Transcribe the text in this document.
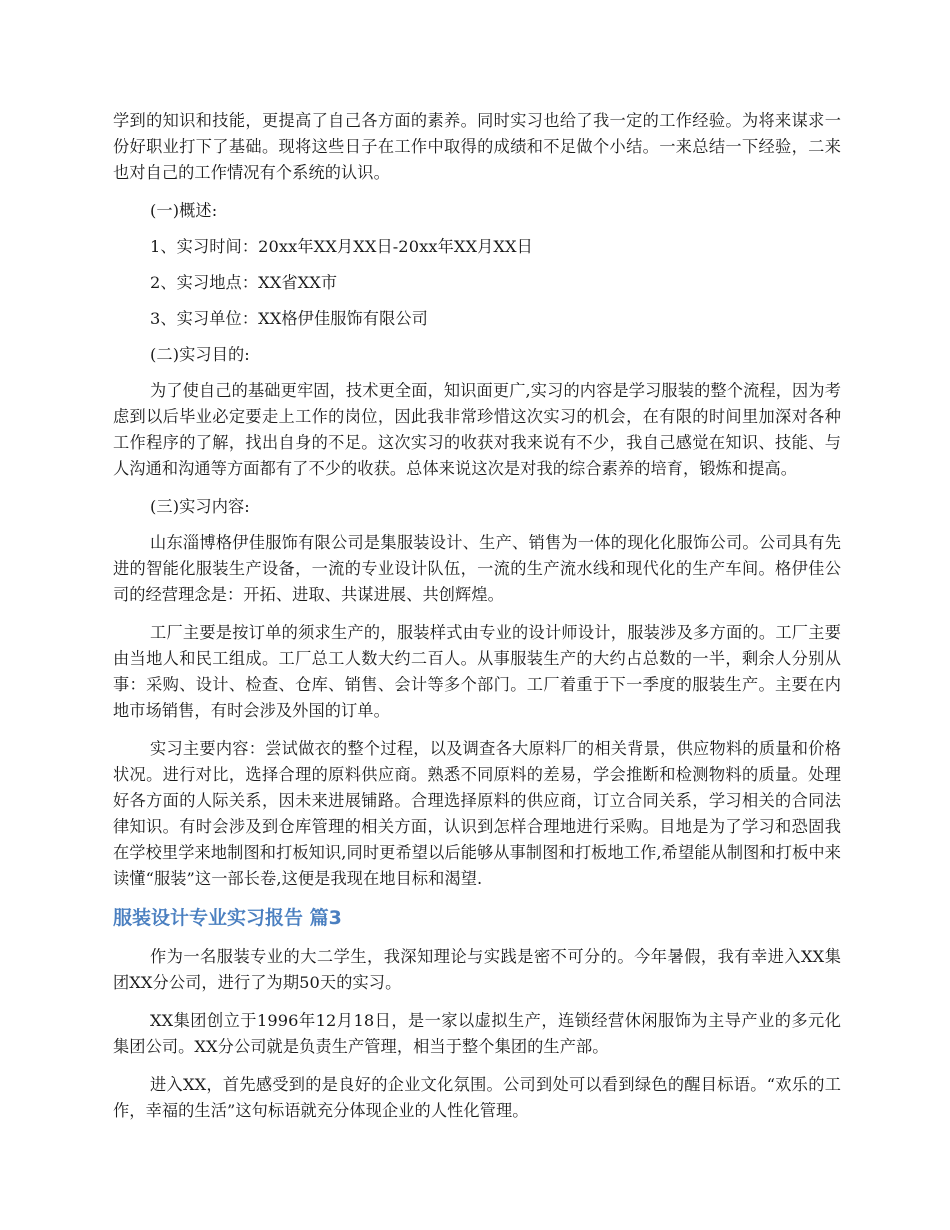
学到的知识和技能，更提高了自己各方面的素养。同时实习也给了我一定的工作经验。为将来谋求一份好职业打下了基础。现将这些日子在工作中取得的成绩和不足做个小结。一来总结一下经验，二来也对自己的工作情况有个系统的认识。

(一)概述:

1、实习时间：20xx年XX月XX日-20xx年XX月XX日

2、实习地点：XX省XX市

3、实习单位：XX格伊佳服饰有限公司

(二)实习目的:

为了使自己的基础更牢固，技术更全面，知识面更广,实习的内容是学习服装的整个流程，因为考虑到以后毕业必定要走上工作的岗位，因此我非常珍惜这次实习的机会，在有限的时间里加深对各种工作程序的了解，找出自身的不足。这次实习的收获对我来说有不少，我自己感觉在知识、技能、与人沟通和沟通等方面都有了不少的收获。总体来说这次是对我的综合素养的培育，锻炼和提高。

(三)实习内容:

山东淄博格伊佳服饰有限公司是集服装设计、生产、销售为一体的现化化服饰公司。公司具有先进的智能化服装生产设备，一流的专业设计队伍，一流的生产流水线和现代化的生产车间。格伊佳公司的经营理念是：开拓、进取、共谋进展、共创辉煌。

工厂主要是按订单的须求生产的，服装样式由专业的设计师设计，服装涉及多方面的。工厂主要由当地人和民工组成。工厂总工人数大约二百人。从事服装生产的大约占总数的一半，剩余人分别从事：采购、设计、检查、仓库、销售、会计等多个部门。工厂着重于下一季度的服装生产。主要在内地市场销售，有时会涉及外国的订单。

实习主要内容：尝试做衣的整个过程，以及调查各大原料厂的相关背景，供应物料的质量和价格状况。进行对比，选择合理的原料供应商。熟悉不同原料的差易，学会推断和检测物料的质量。处理好各方面的人际关系，因未来进展铺路。合理选择原料的供应商，订立合同关系，学习相关的合同法律知识。有时会涉及到仓库管理的相关方面，认识到怎样合理地进行采购。目地是为了学习和恐固我在学校里学来地制图和打板知识,同时更希望以后能够从事制图和打板地工作,希望能从制图和打板中来读懂“服装”这一部长卷,这便是我现在地目标和渴望.

服装设计专业实习报告 篇3

作为一名服装专业的大二学生，我深知理论与实践是密不可分的。今年暑假，我有幸进入XX集团XX分公司，进行了为期50天的实习。

XX集团创立于1996年12月18日，是一家以虚拟生产，连锁经营休闲服饰为主导产业的多元化集团公司。XX分公司就是负责生产管理，相当于整个集团的生产部。

进入XX，首先感受到的是良好的企业文化氛围。公司到处可以看到绿色的醒目标语。“欢乐的工作，幸福的生活”这句标语就充分体现企业的人性化管理。
